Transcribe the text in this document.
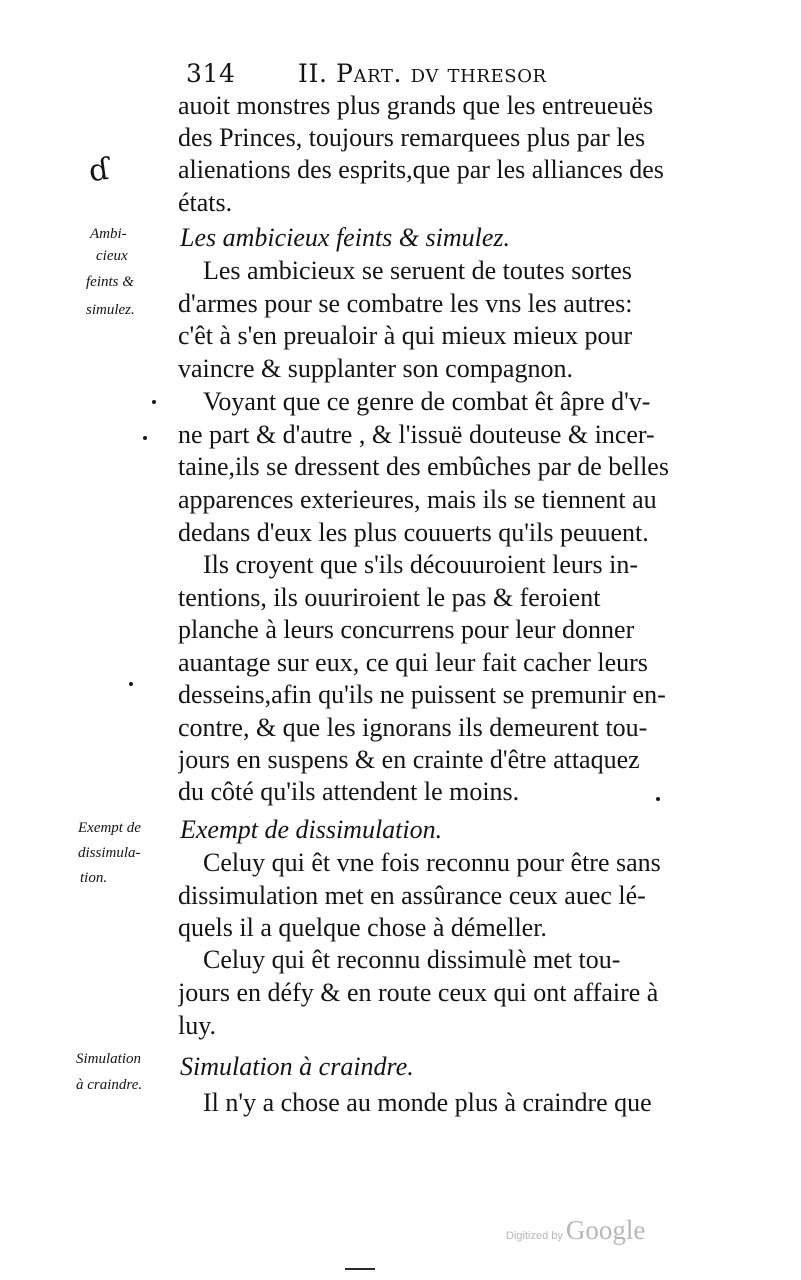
314 II. Part. dv thresor
auoit monstres plus grands que les entreueuës
des Princes, toujours remarquees plus par les
alienations des esprits,que par les alliances des
états.
ɗ
Les ambicieux feints & simulez.
Ambi-
cieux
feints &
simulez.
Les ambicieux se seruent de toutes sortes
d'armes pour se combatre les vns les autres:
c'êt à s'en preualoir à qui mieux mieux pour
vaincre & supplanter son compagnon.
Voyant que ce genre de combat êt âpre d'v-
ne part & d'autre , & l'issuë douteuse & incer-
taine,ils se dressent des embûches par de belles
apparences exterieures, mais ils se tiennent au
dedans d'eux les plus couuerts qu'ils peuuent.
Ils croyent que s'ils découuroient leurs in-
tentions, ils ouuriroient le pas & feroient
planche à leurs concurrens pour leur donner
auantage sur eux, ce qui leur fait cacher leurs
desseins,afin qu'ils ne puissent se premunir en-
contre, & que les ignorans ils demeurent tou-
jours en suspens & en crainte d'être attaquez
du côté qu'ils attendent le moins.
Exempt de dissimulation.
Exempt de
dissimula-
tion.
Celuy qui êt vne fois reconnu pour être sans
dissimulation met en assûrance ceux auec lé-
quels il a quelque chose à démeller.
Celuy qui êt reconnu dissimulè met tou-
jours en défy & en route ceux qui ont affaire à
luy.
Simulation à craindre.
Simulation
à craindre.
Il n'y a chose au monde plus à craindre que
Digitized by Google
